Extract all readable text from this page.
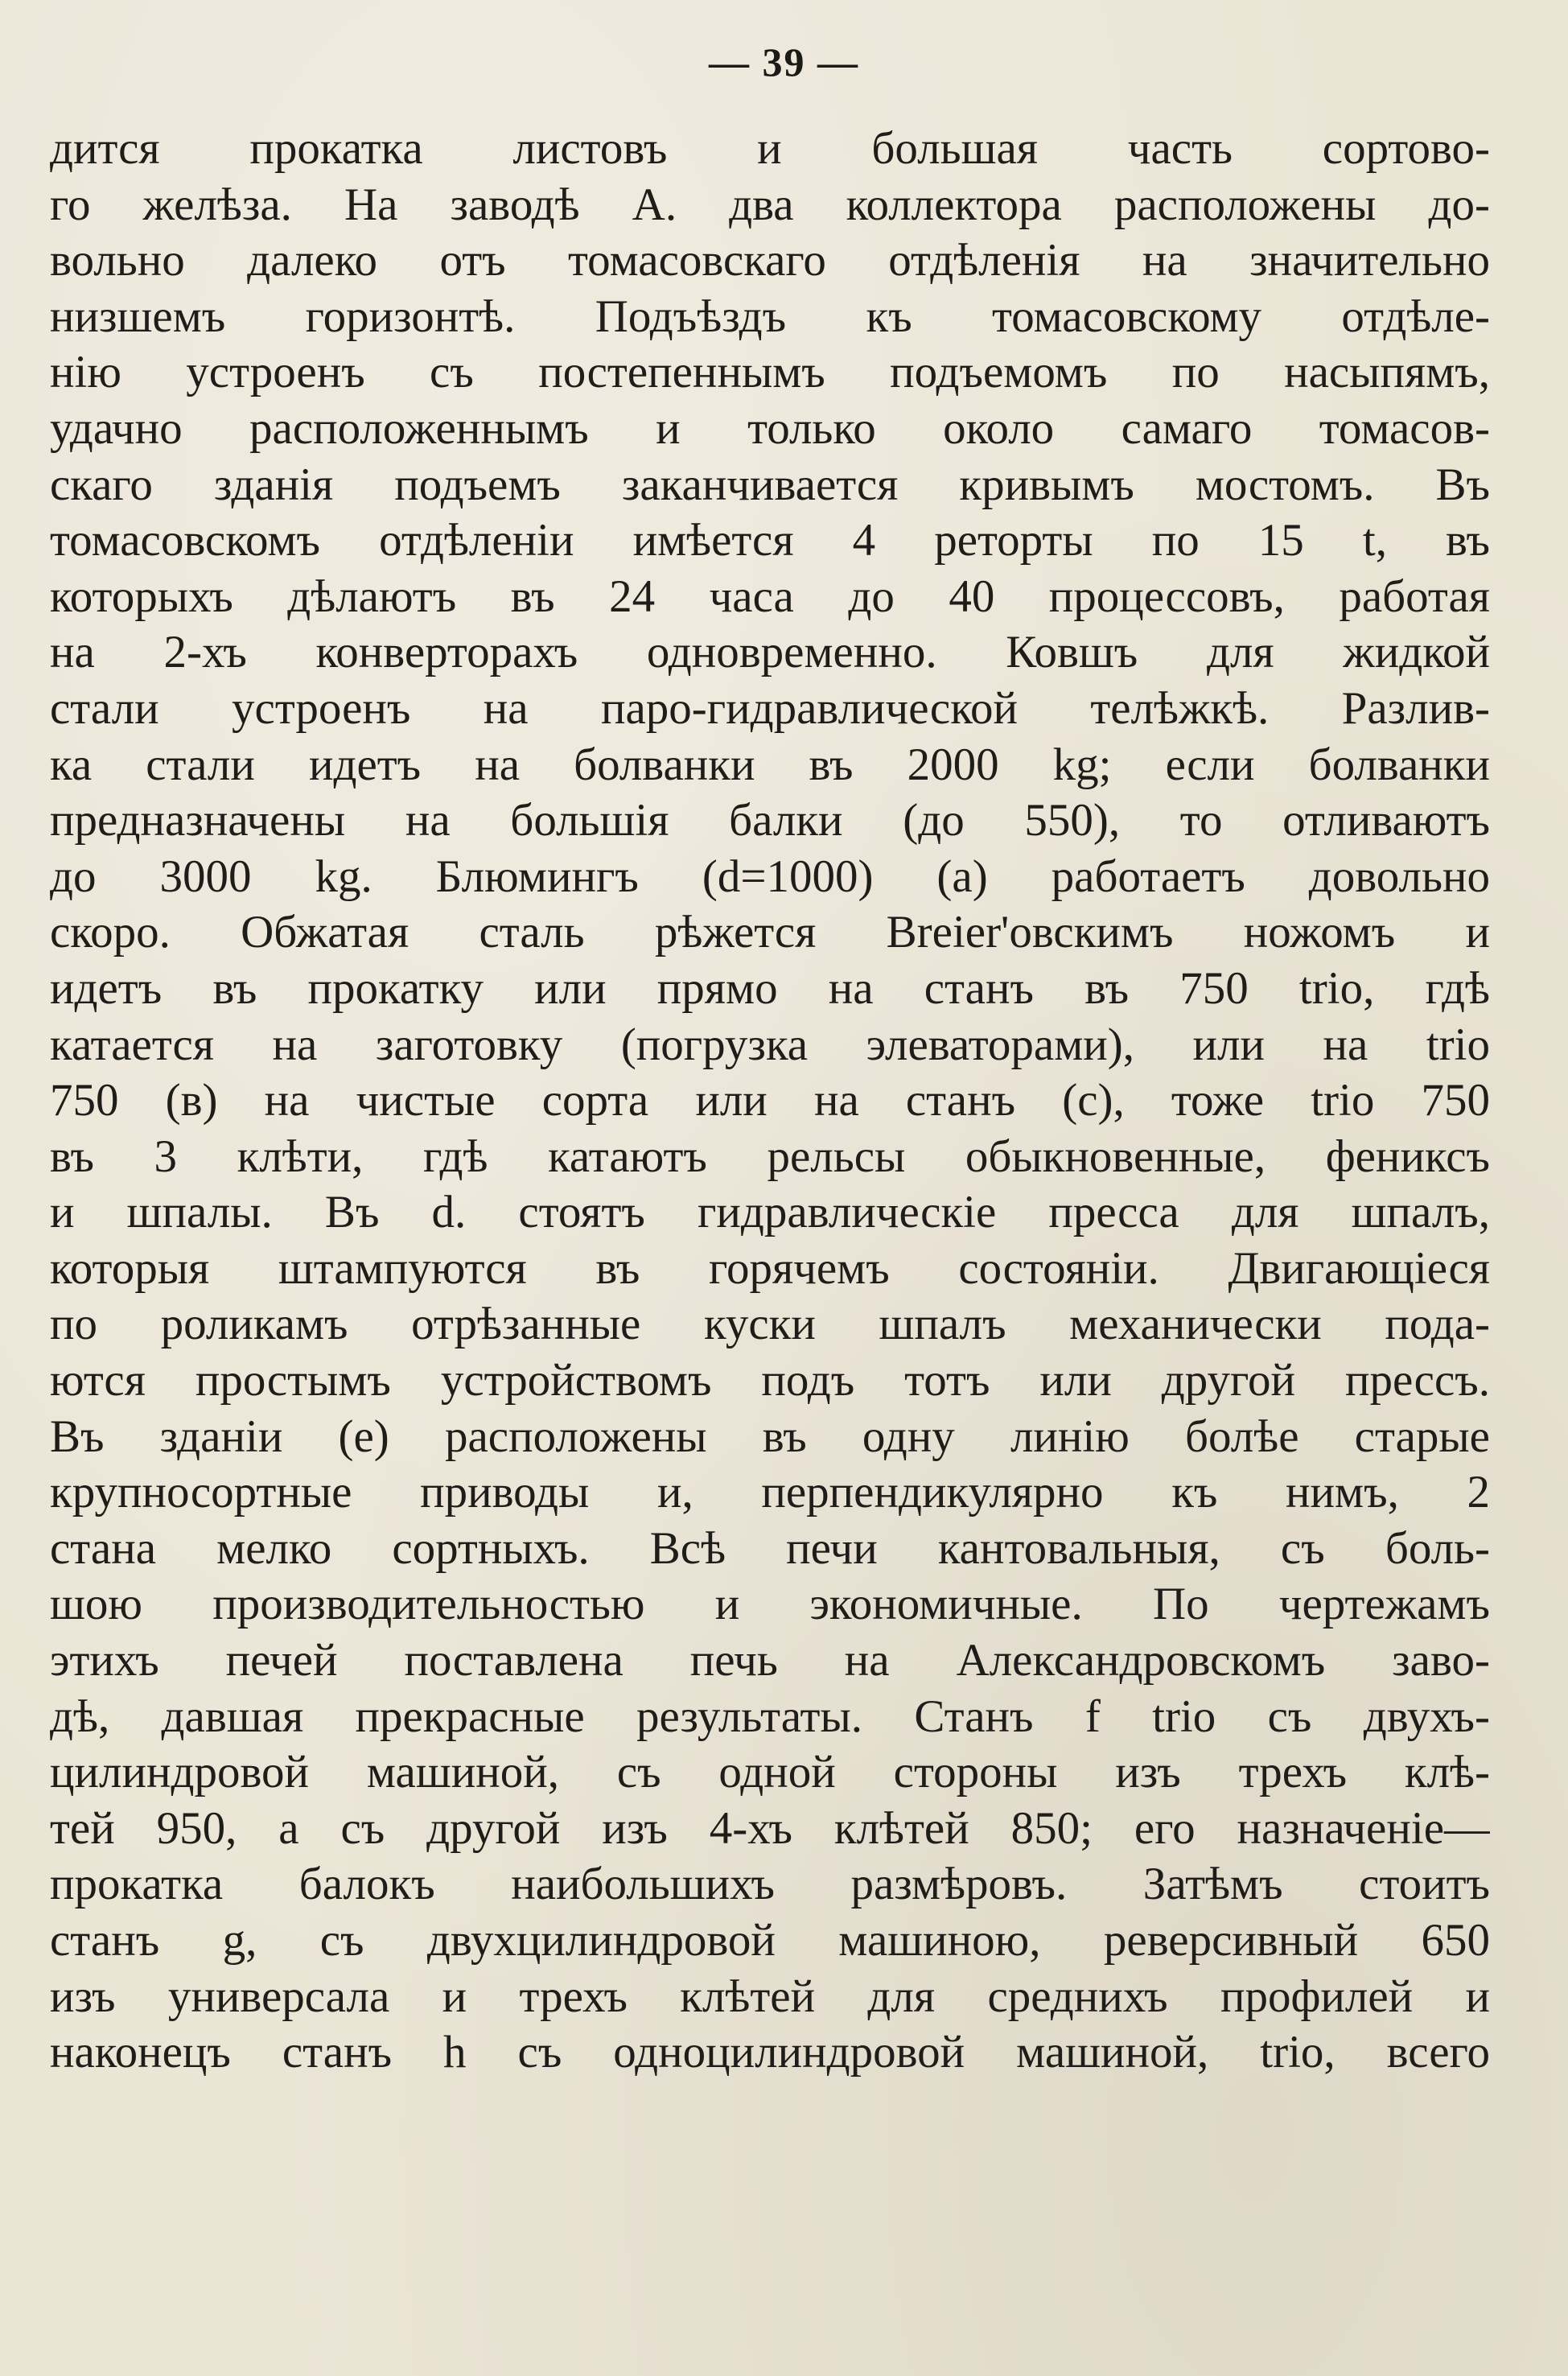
— 39 —
дится прокатка листовъ и большая часть сортово-
го желѣза. На заводѣ А. два коллектора расположены до-
вольно далеко отъ томасовскаго отдѣленія на значительно
низшемъ горизонтѣ. Подъѣздъ къ томасовскому отдѣле-
нію устроенъ съ постепеннымъ подъемомъ по насыпямъ,
удачно расположеннымъ и только около самаго томасов-
скаго зданія подъемъ заканчивается кривымъ мостомъ. Въ
томасовскомъ отдѣленіи имѣется 4 реторты по 15 t, въ
которыхъ дѣлаютъ въ 24 часа до 40 процессовъ, работая
на 2-хъ конверторахъ одновременно. Ковшъ для жидкой
стали устроенъ на паро-гидравлической телѣжкѣ. Разлив-
ка стали идетъ на болванки въ 2000 kg; если болванки
предназначены на большія балки (до 550), то отливаютъ
до 3000 kg. Блюмингъ (d=1000) (a) работаетъ довольно
скоро. Обжатая сталь рѣжется Breier'овскимъ ножомъ и
идетъ въ прокатку или прямо на станъ въ 750 trio, гдѣ
катается на заготовку (погрузка элеваторами), или на trio
750 (в) на чистые сорта или на станъ (c), тоже trio 750
въ 3 клѣти, гдѣ катаютъ рельсы обыкновенные, фениксъ
и шпалы. Въ d. стоятъ гидравлическіе пресса для шпалъ,
которыя штампуются въ горячемъ состояніи. Двигающіеся
по роликамъ отрѣзанные куски шпалъ механически пода-
ются простымъ устройствомъ подъ тотъ или другой прессъ.
Въ зданіи (e) расположены въ одну линію болѣе старые
крупносортные приводы и, перпендикулярно къ нимъ, 2
стана мелко сортныхъ. Всѣ печи кантовальныя, съ боль-
шою производительностью и экономичные. По чертежамъ
этихъ печей поставлена печь на Александровскомъ заво-
дѣ, давшая прекрасные результаты. Станъ f trio съ двухъ-
цилиндровой машиной, съ одной стороны изъ трехъ клѣ-
тей 950, а съ другой изъ 4-хъ клѣтей 850; его назначеніе—
прокатка балокъ наибольшихъ размѣровъ. Затѣмъ стоитъ
станъ g, съ двухцилиндровой машиною, реверсивный 650
изъ универсала и трехъ клѣтей для среднихъ профилей и
наконецъ станъ h съ одноцилиндровой машиной, trio, всего
